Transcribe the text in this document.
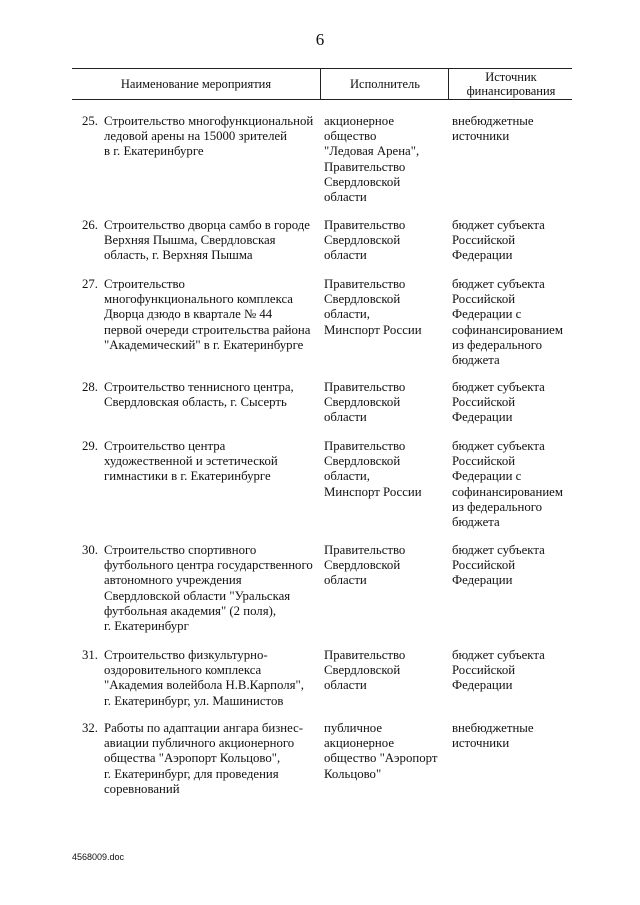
6
Наименование мероприятия	Исполнитель	Источник
финансирования
25. Строительство многофункциональной
ледовой арены на 15000 зрителей
в г. Екатеринбурге
акционерное
общество
"Ледовая Арена",
Правительство
Свердловской
области
внебюджетные
источники
26. Строительство дворца самбо в городе
Верхняя Пышма, Свердловская
область, г. Верхняя Пышма
Правительство
Свердловской
области
бюджет субъекта
Российской
Федерации
27. Строительство
многофункционального комплекса
Дворца дзюдо в квартале № 44
первой очереди строительства района
"Академический" в г. Екатеринбурге
Правительство
Свердловской
области,
Минспорт России
бюджет субъекта
Российской
Федерации с
софинансированием
из федерального
бюджета
28. Строительство теннисного центра,
Свердловская область, г. Сысерть
Правительство
Свердловской
области
бюджет субъекта
Российской
Федерации
29. Строительство центра
художественной и эстетической
гимнастики в г. Екатеринбурге
Правительство
Свердловской
области,
Минспорт России
бюджет субъекта
Российской
Федерации с
софинансированием
из федерального
бюджета
30. Строительство спортивного
футбольного центра государственного
автономного учреждения
Свердловской области "Уральская
футбольная академия" (2 поля),
г. Екатеринбург
Правительство
Свердловской
области
бюджет субъекта
Российской
Федерации
31. Строительство физкультурно-
оздоровительного комплекса
"Академия волейбола Н.В.Карполя",
г. Екатеринбург, ул. Машинистов
Правительство
Свердловской
области
бюджет субъекта
Российской
Федерации
32. Работы по адаптации ангара бизнес-
авиации публичного акционерного
общества "Аэропорт Кольцово",
г. Екатеринбург, для проведения
соревнований
публичное
акционерное
общество "Аэропорт
Кольцово"
внебюджетные
источники
4568009.doc
